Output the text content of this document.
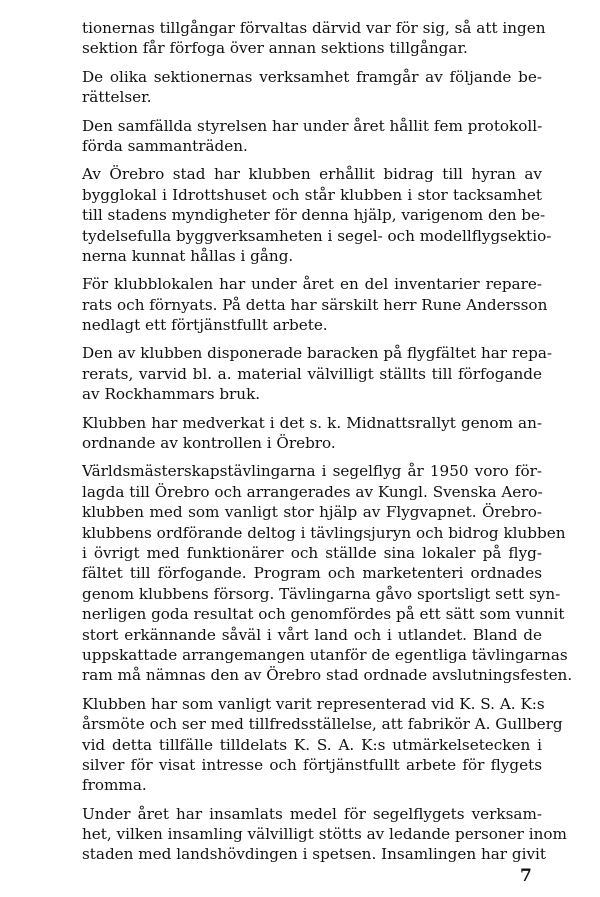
tionernas tillgångar förvaltas därvid var för sig, så att ingen
sektion får förfoga över annan sektions tillgångar.

De olika sektionernas verksamhet framgår av följande be-
rättelser.

Den samfällda styrelsen har under året hållit fem protokoll-
förda sammanträden.

Av Örebro stad har klubben erhållit bidrag till hyran av
bygglokal i Idrottshuset och står klubben i stor tacksamhet
till stadens myndigheter för denna hjälp, varigenom den be-
tydelsefulla byggverksamheten i segel- och modellflygsektio-
nerna kunnat hållas i gång.

För klubblokalen har under året en del inventarier repare-
rats och förnyats. På detta har särskilt herr Rune Andersson
nedlagt ett förtjänstfullt arbete.

Den av klubben disponerade baracken på flygfältet har repa-
rerats, varvid bl. a. material välvilligt ställts till förfogande
av Rockhammars bruk.

Klubben har medverkat i det s. k. Midnattsrallyt genom an-
ordnande av kontrollen i Örebro.

Världsmästerskapstävlingarna i segelflyg år 1950 voro för-
lagda till Örebro och arrangerades av Kungl. Svenska Aero-
klubben med som vanligt stor hjälp av Flygvapnet. Örebro-
klubbens ordförande deltog i tävlingsjuryn och bidrog klubben
i övrigt med funktionärer och ställde sina lokaler på flyg-
fältet till förfogande. Program och marketenteri ordnades
genom klubbens försorg. Tävlingarna gåvo sportsligt sett syn-
nerligen goda resultat och genomfördes på ett sätt som vunnit
stort erkännande såväl i vårt land och i utlandet. Bland de
uppskattade arrangemangen utanför de egentliga tävlingarnas
ram må nämnas den av Örebro stad ordnade avslutningsfesten.

Klubben har som vanligt varit representerad vid K. S. A. K:s
årsmöte och ser med tillfredsställelse, att fabrikör A. Gullberg
vid detta tillfälle tilldelats K. S. A. K:s utmärkelsetecken i
silver för visat intresse och förtjänstfullt arbete för flygets
fromma.

Under året har insamlats medel för segelflygets verksam-
het, vilken insamling välvilligt stötts av ledande personer inom
staden med landshövdingen i spetsen. Insamlingen har givit

7
